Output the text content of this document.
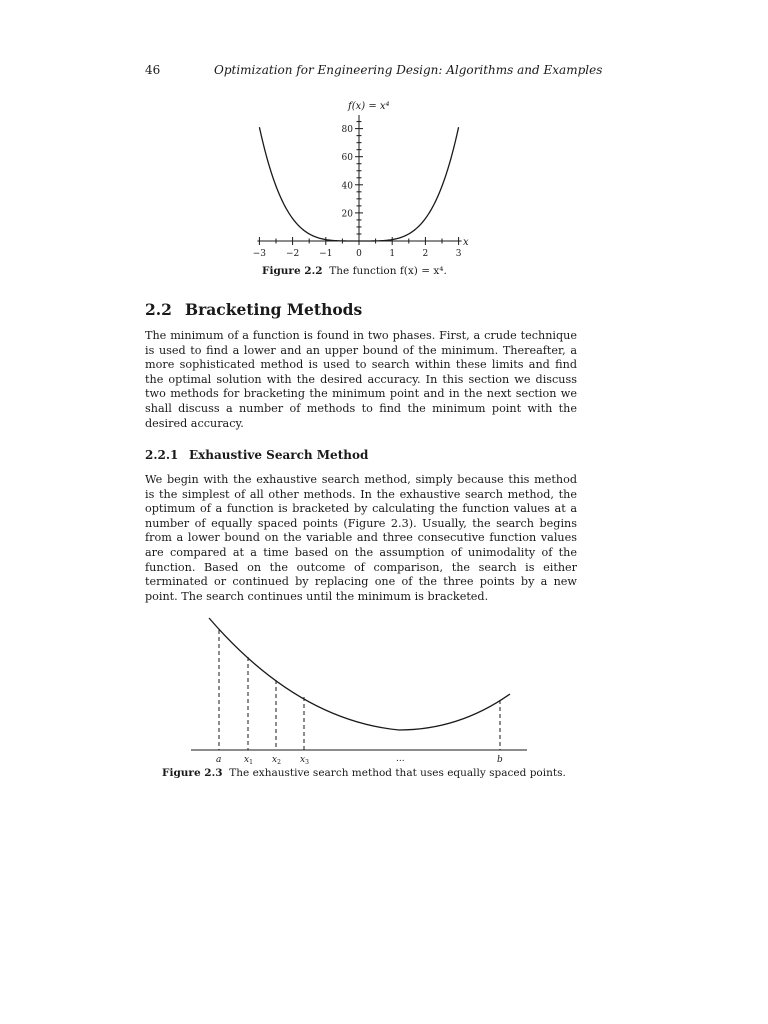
46	Optimization for Engineering Design: Algorithms and Examples
−3 −2 −1	0	1	2	3
20
40
60
80
f(x) = x⁴
x
Figure 2.2 The function f(x) = x⁴.
2.2 Bracketing Methods
The minimum of a function is found in two phases. First, a crude technique is used to find a lower and an upper bound of the minimum. Thereafter, a more sophisticated method is used to search within these limits and find the optimal solution with the desired accuracy. In this section we discuss two methods for bracketing the minimum point and in the next section we shall discuss a number of methods to find the minimum point with the desired accuracy.
2.2.1 Exhaustive Search Method
We begin with the exhaustive search method, simply because this method is the simplest of all other methods. In the exhaustive search method, the optimum of a function is bracketed by calculating the function values at a number of equally spaced points (Figure 2.3). Usually, the search begins from a lower bound on the variable and three consecutive function values are compared at a time based on the assumption of unimodality of the function. Based on the outcome of comparison, the search is either terminated or continued by replacing one of the three points by a new point. The search continues until the minimum is bracketed.
a	$x_1$ $x_2$ $x_3$	...	b
Figure 2.3 The exhaustive search method that uses equally spaced points.
